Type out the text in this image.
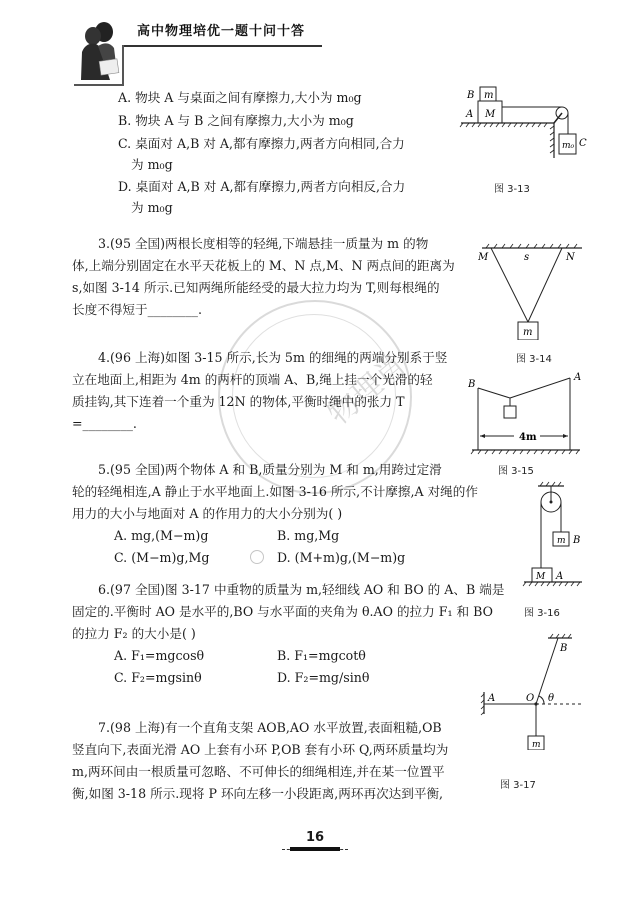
高中物理培优一题十问十答
物理肖
A. 物块 A 与桌面之间有摩擦力,大小为 m₀g
B. 物块 A 与 B 之间有摩擦力,大小为 m₀g
C. 桌面对 A,B 对 A,都有摩擦力,两者方向相同,合力
为 m₀g
D. 桌面对 A,B 对 A,都有摩擦力,两者方向相反,合力
为 m₀g
B m
A M
m₀ C
图 3-13
3.(95 全国)两根长度相等的轻绳,下端悬挂一质量为 m 的物
体,上端分别固定在水平天花板上的 M、N 点,M、N 两点间的距离为
s,如图 3-14 所示.已知两绳所能经受的最大拉力均为 T,则每根绳的
长度不得短于________.
M	s	N
m
图 3-14
4.(96 上海)如图 3-15 所示,长为 5m 的细绳的两端分别系于竖
立在地面上,相距为 4m 的两杆的顶端 A、B,绳上挂一个光滑的轻
质挂钩,其下连着一个重为 12N 的物体,平衡时绳中的张力 T
=________.
4m
B
A
图 3-15
5.(95 全国)两个物体 A 和 B,质量分别为 M 和 m,用跨过定滑
轮的轻绳相连,A 静止于水平地面上.如图 3-16 所示,不计摩擦,A 对绳的作
用力的大小与地面对 A 的作用力的大小分别为( )
A. mg,(M−m)g	B. mg,Mg
C. (M−m)g,Mg	D. (M+m)g,(M−m)g
m B
M A
图 3-16
6.(97 全国)图 3-17 中重物的质量为 m,轻细线 AO 和 BO 的 A、B 端是
固定的.平衡时 AO 是水平的,BO 与水平面的夹角为 θ.AO 的拉力 F₁ 和 BO
的拉力 F₂ 的大小是( )
A. F₁=mgcosθ	B. F₁=mgcotθ
C. F₂=mgsinθ	D. F₂=mg/sinθ
m
A	O
B
θ
图 3-17
7.(98 上海)有一个直角支架 AOB,AO 水平放置,表面粗糙,OB
竖直向下,表面光滑 AO 上套有小环 P,OB 套有小环 Q,两环质量均为
m,两环间由一根质量可忽略、不可伸长的细绳相连,并在某一位置平
衡,如图 3-18 所示.现将 P 环向左移一小段距离,两环再次达到平衡,
16
